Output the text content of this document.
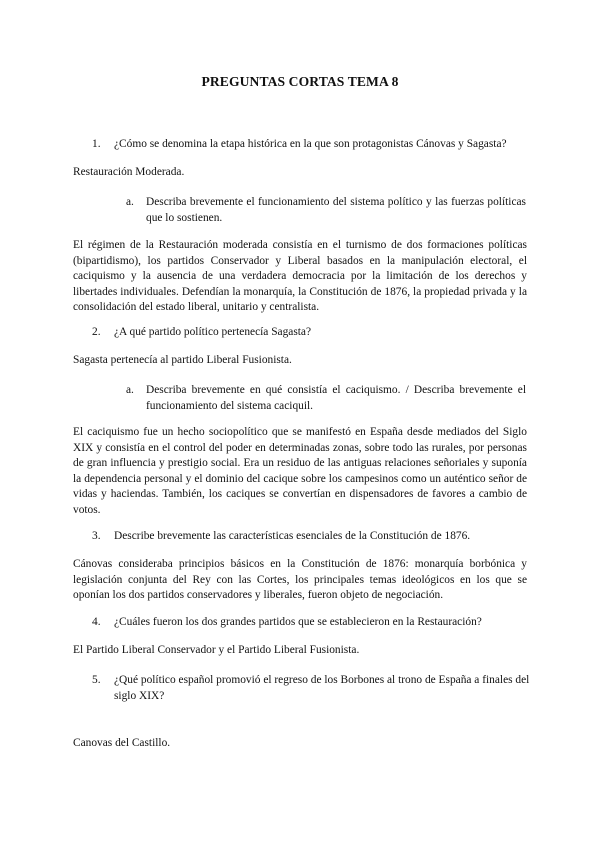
PREGUNTAS CORTAS TEMA 8
1. ¿Cómo se denomina la etapa histórica en la que son protagonistas Cánovas y Sagasta?
Restauración Moderada.
a. Describa brevemente el funcionamiento del sistema político y las fuerzas políticas que lo sostienen.
El régimen de la Restauración moderada consistía en el turnismo de dos formaciones políticas (bipartidismo), los partidos Conservador y Liberal basados en la manipulación electoral, el caciquismo y la ausencia de una verdadera democracia por la limitación de los derechos y libertades individuales. Defendían la monarquía, la Constitución de 1876, la propiedad privada y la consolidación del estado liberal, unitario y centralista.
2. ¿A qué partido político pertenecía Sagasta?
Sagasta pertenecía al partido Liberal Fusionista.
a. Describa brevemente en qué consistía el caciquismo. / Describa brevemente el funcionamiento del sistema caciquil.
El caciquismo fue un hecho sociopolítico que se manifestó en España desde mediados del Siglo XIX y consistía en el control del poder en determinadas zonas, sobre todo las rurales, por personas de gran influencia y prestigio social. Era un residuo de las antiguas relaciones señoriales y suponía la dependencia personal y el dominio del cacique sobre los campesinos como un auténtico señor de vidas y haciendas. También, los caciques se convertían en dispensadores de favores a cambio de votos.
3. Describe brevemente las características esenciales de la Constitución de 1876.
Cánovas consideraba principios básicos en la Constitución de 1876: monarquía borbónica y legislación conjunta del Rey con las Cortes, los principales temas ideológicos en los que se oponían los dos partidos conservadores y liberales, fueron objeto de negociación.
4. ¿Cuáles fueron los dos grandes partidos que se establecieron en la Restauración?
El Partido Liberal Conservador y el Partido Liberal Fusionista.
5. ¿Qué político español promovió el regreso de los Borbones al trono de España a finales del siglo XIX?
Canovas del Castillo.
